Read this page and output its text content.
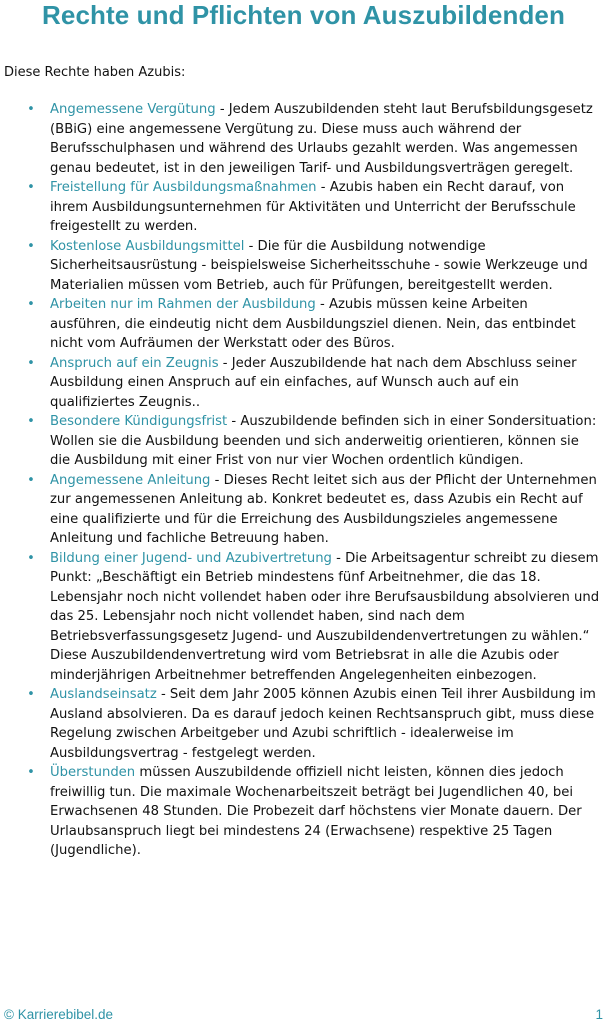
Rechte und Pflichten von Auszubildenden

Diese Rechte haben Azubis:

• Angemessene Vergütung - Jedem Auszubildenden steht laut Berufsbildungsgesetz (BBiG) eine angemessene Vergütung zu. Diese muss auch während der Berufsschulphasen und während des Urlaubs gezahlt werden. Was angemessen genau bedeutet, ist in den jeweiligen Tarif- und Ausbildungsverträgen geregelt.
• Freistellung für Ausbildungsmaßnahmen - Azubis haben ein Recht darauf, von ihrem Ausbildungsunternehmen für Aktivitäten und Unterricht der Berufsschule freigestellt zu werden.
• Kostenlose Ausbildungsmittel - Die für die Ausbildung notwendige Sicherheitsausrüstung - beispielsweise Sicherheitsschuhe - sowie Werkzeuge und Materialien müssen vom Betrieb, auch für Prüfungen, bereitgestellt werden.
• Arbeiten nur im Rahmen der Ausbildung - Azubis müssen keine Arbeiten ausführen, die eindeutig nicht dem Ausbildungsziel dienen. Nein, das entbindet nicht vom Aufräumen der Werkstatt oder des Büros.
• Anspruch auf ein Zeugnis - Jeder Auszubildende hat nach dem Abschluss seiner Ausbildung einen Anspruch auf ein einfaches, auf Wunsch auch auf ein qualifiziertes Zeugnis..
• Besondere Kündigungsfrist - Auszubildende befinden sich in einer Sondersituation: Wollen sie die Ausbildung beenden und sich anderweitig orientieren, können sie die Ausbildung mit einer Frist von nur vier Wochen ordentlich kündigen.
• Angemessene Anleitung - Dieses Recht leitet sich aus der Pflicht der Unternehmen zur angemessenen Anleitung ab. Konkret bedeutet es, dass Azubis ein Recht auf eine qualifizierte und für die Erreichung des Ausbildungszieles angemessene Anleitung und fachliche Betreuung haben.
• Bildung einer Jugend- und Azubivertretung - Die Arbeitsagentur schreibt zu diesem Punkt: „Beschäftigt ein Betrieb mindestens fünf Arbeitnehmer, die das 18. Lebensjahr noch nicht vollendet haben oder ihre Berufsausbildung absolvieren und das 25. Lebensjahr noch nicht vollendet haben, sind nach dem Betriebsverfassungsgesetz Jugend- und Auszubildendenvertretungen zu wählen.“ Diese Auszubildendenvertretung wird vom Betriebsrat in alle die Azubis oder minderjährigen Arbeitnehmer betreffenden Angelegenheiten einbezogen.
• Auslandseinsatz - Seit dem Jahr 2005 können Azubis einen Teil ihrer Ausbildung im Ausland absolvieren. Da es darauf jedoch keinen Rechtsanspruch gibt, muss diese Regelung zwischen Arbeitgeber und Azubi schriftlich - idealerweise im Ausbildungsvertrag - festgelegt werden.
• Überstunden müssen Auszubildende offiziell nicht leisten, können dies jedoch freiwillig tun. Die maximale Wochenarbeitszeit beträgt bei Jugendlichen 40, bei Erwachsenen 48 Stunden. Die Probezeit darf höchstens vier Monate dauern. Der Urlaubsanspruch liegt bei mindestens 24 (Erwachsene) respektive 25 Tagen (Jugendliche).
© Karrierebibel.de	1
